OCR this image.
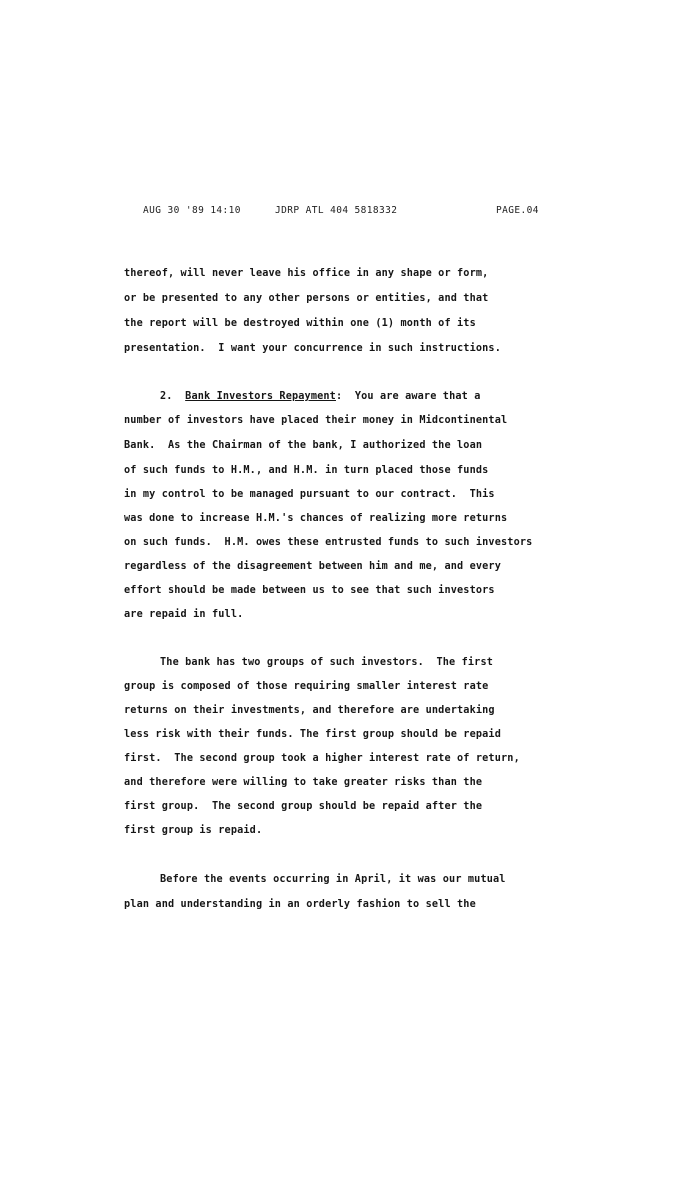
AUG 30 '89 14:10	JDRP ATL 404 5818332	PAGE.04
thereof, will never leave his office in any shape or form,
or be presented to any other persons or entities, and that
the report will be destroyed within one (1) month of its
presentation.  I want your concurrence in such instructions.
2. Bank Investors Repayment:  You are aware that a
number of investors have placed their money in Midcontinental
Bank.  As the Chairman of the bank, I authorized the loan
of such funds to H.M., and H.M. in turn placed those funds
in my control to be managed pursuant to our contract.  This
was done to increase H.M.'s chances of realizing more returns
on such funds.  H.M. owes these entrusted funds to such investors
regardless of the disagreement between him and me, and every
effort should be made between us to see that such investors
are repaid in full.
The bank has two groups of such investors.  The first
group is composed of those requiring smaller interest rate
returns on their investments, and therefore are undertaking
less risk with their funds. The first group should be repaid
first.  The second group took a higher interest rate of return,
and therefore were willing to take greater risks than the
first group.  The second group should be repaid after the
first group is repaid.
Before the events occurring in April, it was our mutual
plan and understanding in an orderly fashion to sell the
